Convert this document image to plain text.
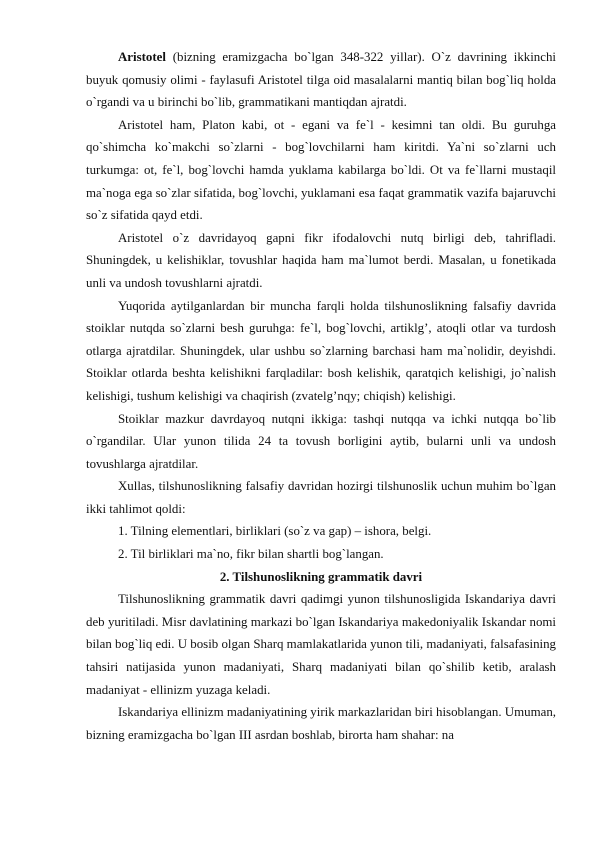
Aristotel (bizning eramizgacha bo`lgan 348-322 yillar). O`z davrining ikkinchi buyuk qomusiy olimi - faylasufi Aristotel tilga oid masalalarni mantiq bilan bog`liq holda o`rgandi va u birinchi bo`lib, grammatikani mantiqdan ajratdi.

Aristotel ham, Platon kabi, ot - egani va fe`l - kesimni tan oldi. Bu guruhga qo`shimcha ko`makchi so`zlarni - bog`lovchilarni ham kiritdi. Ya`ni so`zlarni uch turkumga: ot, fe`l, bog`lovchi hamda yuklama kabilarga bo`ldi. Ot va fe`llarni mustaqil ma`noga ega so`zlar sifatida, bog`lovchi, yuklamani esa faqat grammatik vazifa bajaruvchi so`z sifatida qayd etdi.

Aristotel o`z davridayoq gapni fikr ifodalovchi nutq birligi deb, tahrifladi. Shuningdek, u kelishiklar, tovushlar haqida ham ma`lumot berdi. Masalan, u fonetikada unli va undosh tovushlarni ajratdi.

Yuqorida aytilganlardan bir muncha farqli holda tilshunoslikning falsafiy davrida stoiklar nutqda so`zlarni besh guruhga: fe`l, bog`lovchi, artiklg’, atoqli otlar va turdosh otlarga ajratdilar. Shuningdek, ular ushbu so`zlarning barchasi ham ma`nolidir, deyishdi. Stoiklar otlarda beshta kelishikni farqladilar: bosh kelishik, qaratqich kelishigi, jo`nalish kelishigi, tushum kelishigi va chaqirish (zvatelg’nqy; chiqish) kelishigi.

Stoiklar mazkur davrdayoq nutqni ikkiga: tashqi nutqqa va ichki nutqqa bo`lib o`rgandilar. Ular yunon tilida 24 ta tovush borligini aytib, bularni unli va undosh tovushlarga ajratdilar.

Xullas, tilshunoslikning falsafiy davridan hozirgi tilshunoslik uchun muhim bo`lgan ikki tahlimot qoldi:

1. Tilning elementlari, birliklari (so`z va gap) – ishora, belgi.

2. Til birliklari ma`no, fikr bilan shartli bog`langan.

2. Tilshunoslikning grammatik davri

Tilshunoslikning grammatik davri qadimgi yunon tilshunosligida Iskandariya davri deb yuritiladi. Misr davlatining markazi bo`lgan Iskandariya makedoniyalik Iskandar nomi bilan bog`liq edi. U bosib olgan Sharq mamlakatlarida yunon tili, madaniyati, falsafasining tahsiri natijasida yunon madaniyati, Sharq madaniyati bilan qo`shilib ketib, aralash madaniyat - ellinizm yuzaga keladi.

Iskandariya ellinizm madaniyatining yirik markazlaridan biri hisoblangan. Umuman, bizning eramizgacha bo`lgan III asrdan boshlab, birorta ham shahar: na
